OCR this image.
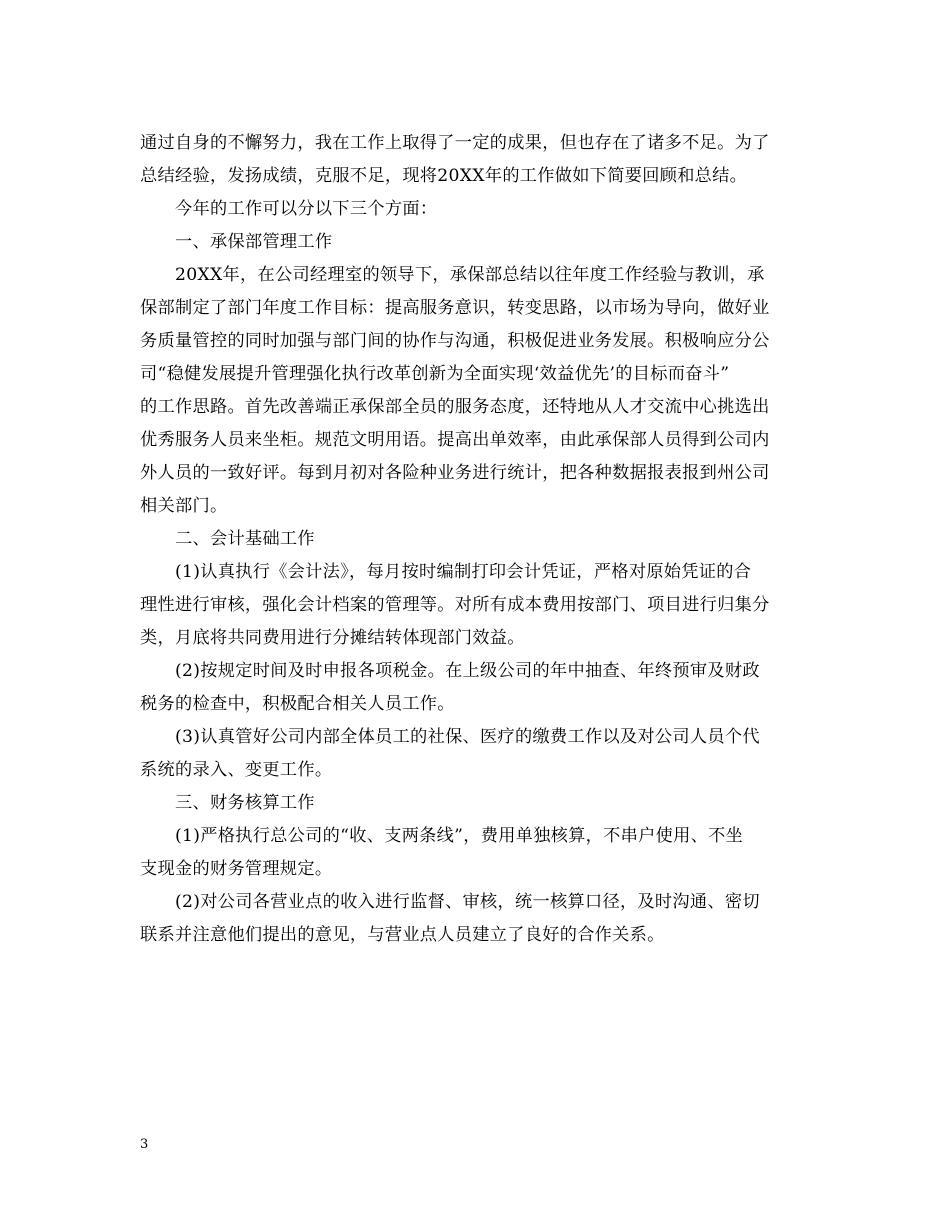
通过自身的不懈努力，我在工作上取得了一定的成果，但也存在了诸多不足。为了
总结经验，发扬成绩，克服不足，现将20XX年的工作做如下简要回顾和总结。
今年的工作可以分以下三个方面：
一、承保部管理工作
20XX年，在公司经理室的领导下，承保部总结以往年度工作经验与教训，承
保部制定了部门年度工作目标：提高服务意识，转变思路，以市场为导向，做好业
务质量管控的同时加强与部门间的协作与沟通，积极促进业务发展。积极响应分公
司“稳健发展提升管理强化执行改革创新为全面实现‘效益优先’的目标而奋斗”
的工作思路。首先改善端正承保部全员的服务态度，还特地从人才交流中心挑选出
优秀服务人员来坐柜。规范文明用语。提高出单效率，由此承保部人员得到公司内
外人员的一致好评。每到月初对各险种业务进行统计，把各种数据报表报到州公司
相关部门。
二、会计基础工作
(1)认真执行《会计法》，每月按时编制打印会计凭证，严格对原始凭证的合
理性进行审核，强化会计档案的管理等。对所有成本费用按部门、项目进行归集分
类，月底将共同费用进行分摊结转体现部门效益。
(2)按规定时间及时申报各项税金。在上级公司的年中抽查、年终预审及财政
税务的检查中，积极配合相关人员工作。
(3)认真管好公司内部全体员工的社保、医疗的缴费工作以及对公司人员个代
系统的录入、变更工作。
三、财务核算工作
(1)严格执行总公司的“收、支两条线”，费用单独核算，不串户使用、不坐
支现金的财务管理规定。
(2)对公司各营业点的收入进行监督、审核，统一核算口径，及时沟通、密切
联系并注意他们提出的意见，与营业点人员建立了良好的合作关系。
3
